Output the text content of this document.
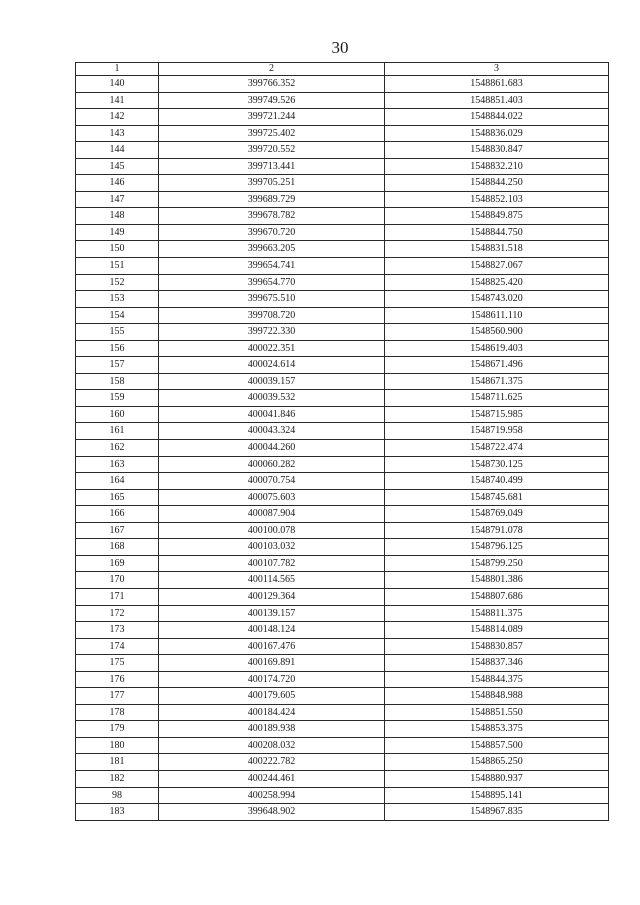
30
1	2	3
140	399766.352	1548861.683
141	399749.526	1548851.403
142	399721.244	1548844.022
143	399725.402	1548836.029
144	399720.552	1548830.847
145	399713.441	1548832.210
146	399705.251	1548844.250
147	399689.729	1548852.103
148	399678.782	1548849.875
149	399670.720	1548844.750
150	399663.205	1548831.518
151	399654.741	1548827.067
152	399654.770	1548825.420
153	399675.510	1548743.020
154	399708.720	1548611.110
155	399722.330	1548560.900
156	400022.351	1548619.403
157	400024.614	1548671.496
158	400039.157	1548671.375
159	400039.532	1548711.625
160	400041.846	1548715.985
161	400043.324	1548719.958
162	400044.260	1548722.474
163	400060.282	1548730.125
164	400070.754	1548740.499
165	400075.603	1548745.681
166	400087.904	1548769.049
167	400100.078	1548791.078
168	400103.032	1548796.125
169	400107.782	1548799.250
170	400114.565	1548801.386
171	400129.364	1548807.686
172	400139.157	1548811.375
173	400148.124	1548814.089
174	400167.476	1548830.857
175	400169.891	1548837.346
176	400174.720	1548844.375
177	400179.605	1548848.988
178	400184.424	1548851.550
179	400189.938	1548853.375
180	400208.032	1548857.500
181	400222.782	1548865.250
182	400244.461	1548880.937
98	400258.994	1548895.141
183	399648.902	1548967.835
